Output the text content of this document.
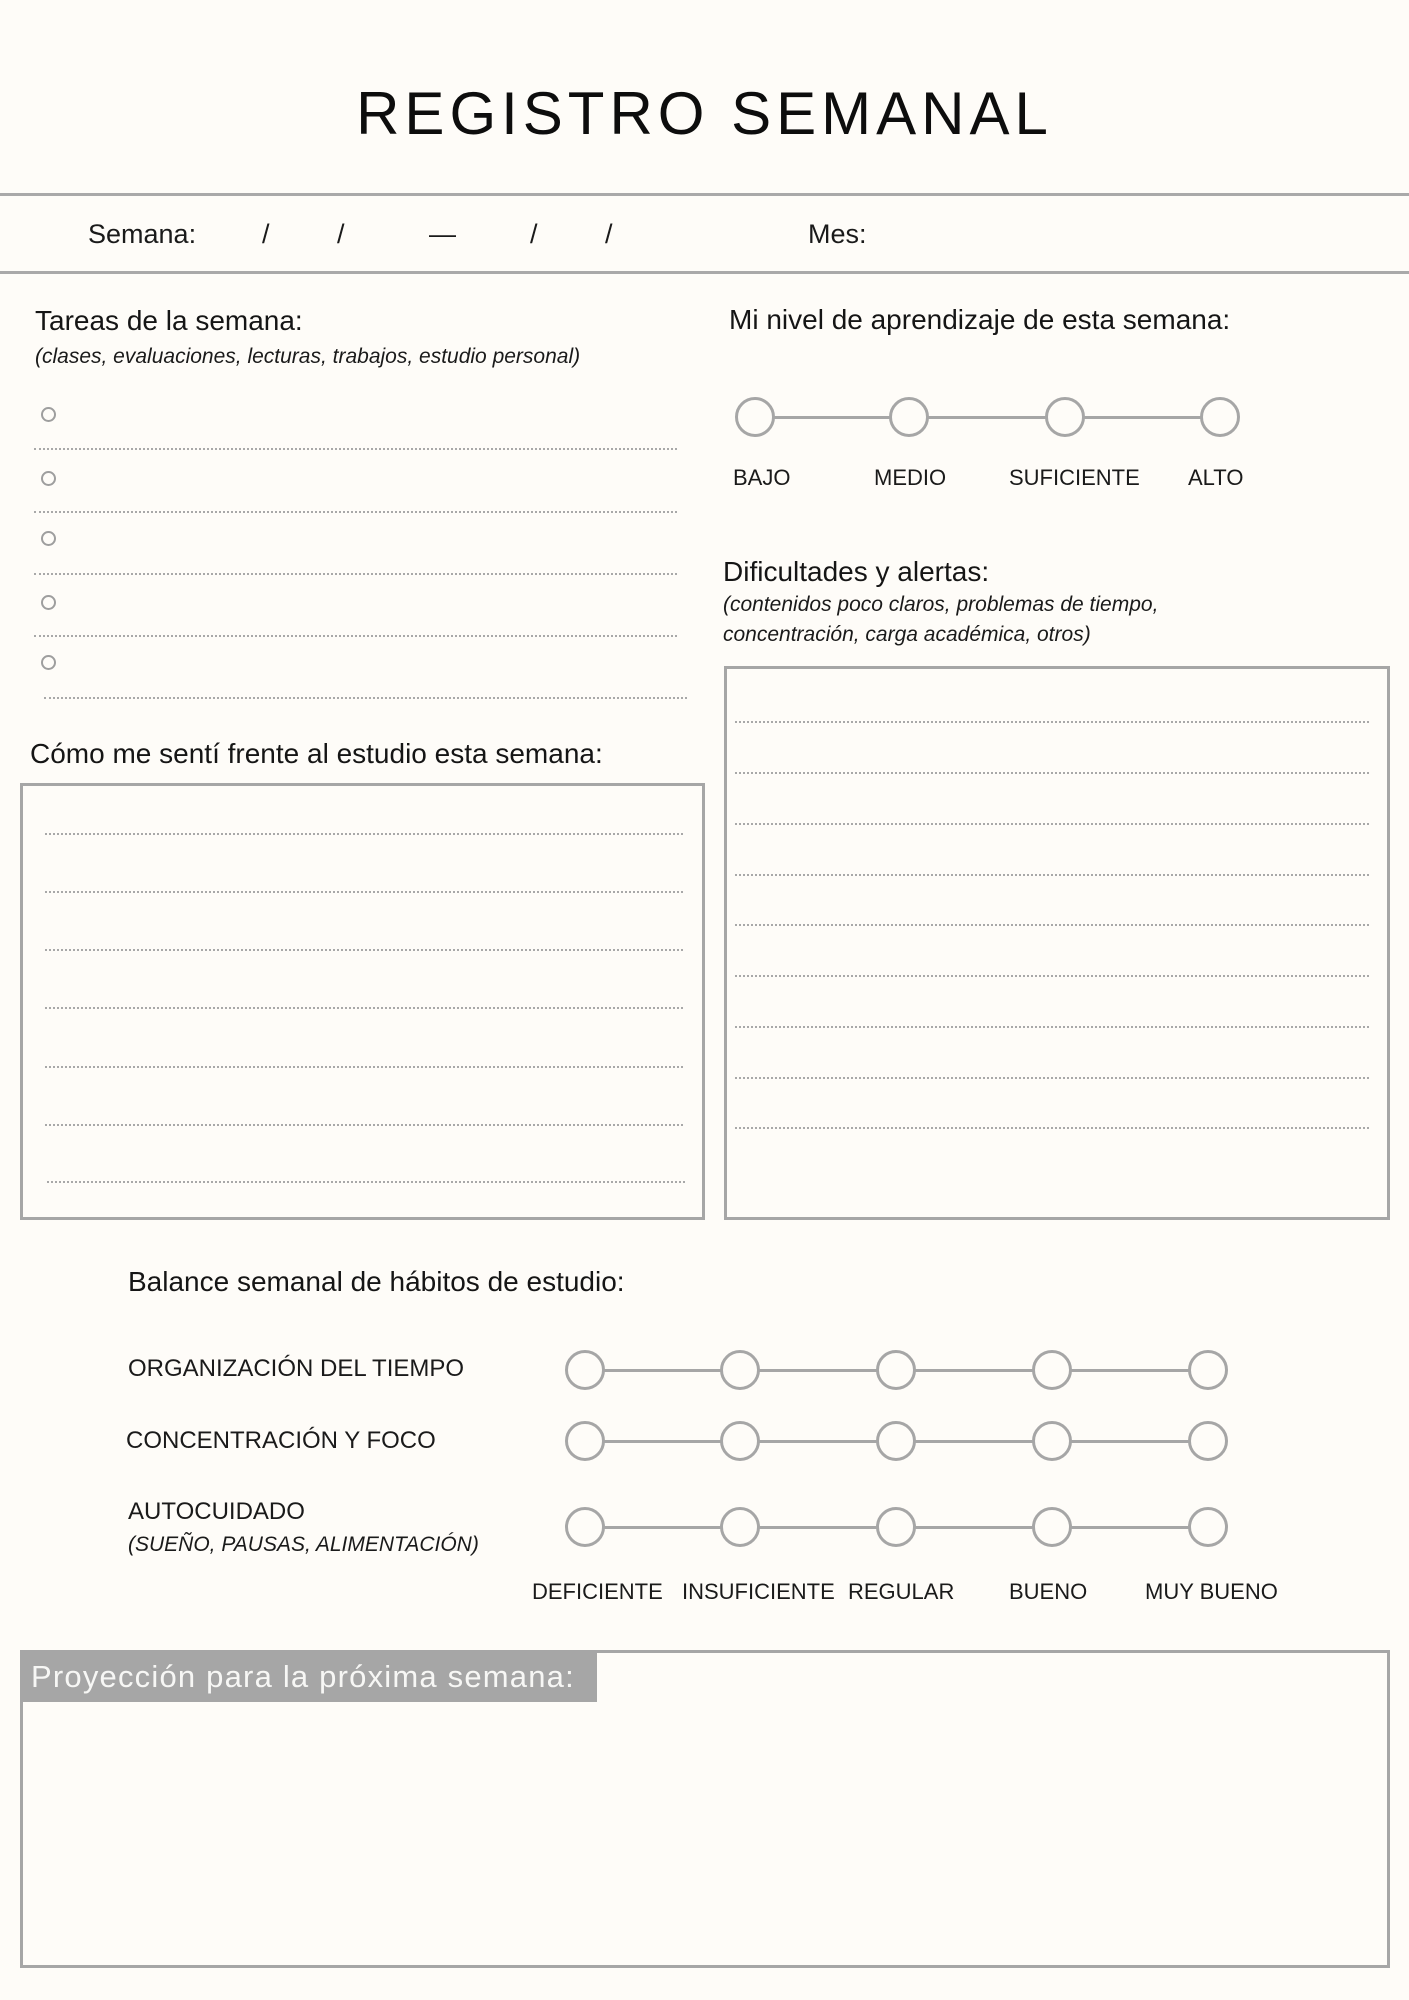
REGISTRO SEMANAL
Semana: / /	—	/ /	Mes:
Tareas de la semana:
(clases, evaluaciones, lecturas, trabajos, estudio personal)
Mi nivel de aprendizaje de esta semana:
BAJO	MEDIO	SUFICIENTE ALTO
Dificultades y alertas:
(contenidos poco claros, problemas de tiempo,
concentración, carga académica, otros)
Cómo me sentí frente al estudio esta semana:
Balance semanal de hábitos de estudio:
ORGANIZACIÓN DEL TIEMPO
CONCENTRACIÓN Y FOCO
AUTOCUIDADO
(SUEÑO, PAUSAS, ALIMENTACIÓN)
DEFICIENTE INSUFICIENTE REGULAR BUENO	MUY BUENO
Proyección para la próxima semana:
